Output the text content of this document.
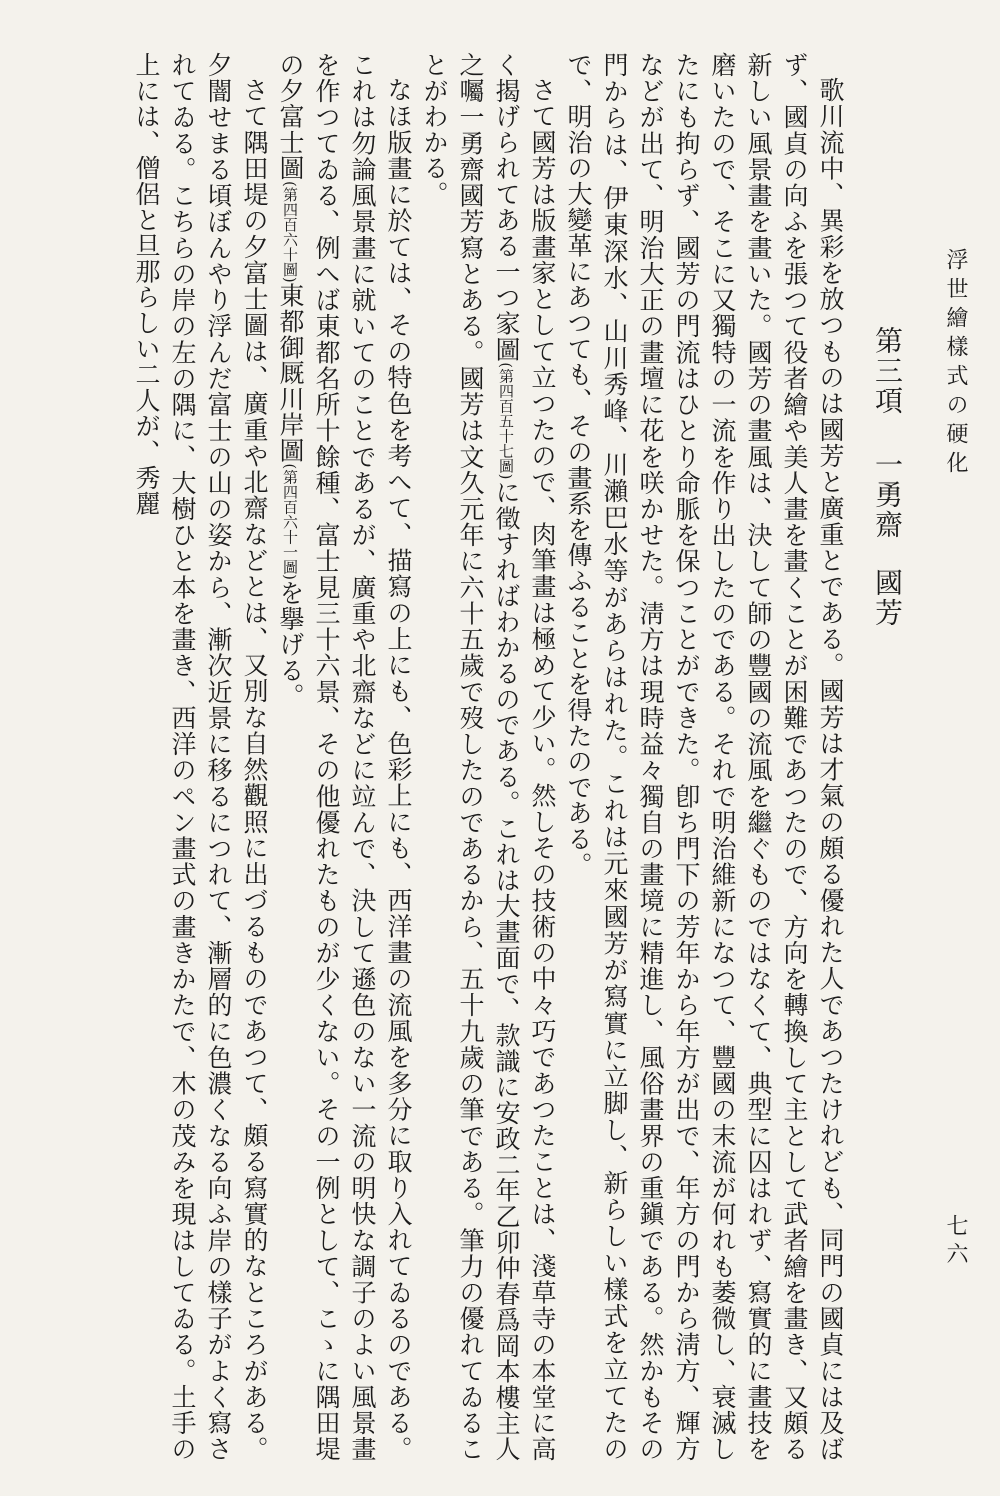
浮世繪樣式の硬化
七六
第三項一勇齋國芳

歌川流中、異彩を放つものは國芳と廣重とである。國芳は才氣の頗る優れた人であつたけれども、同門の國貞には及ばず、國貞の向ふを張つて役者繪や美人畫を畫くことが困難であつたので、方向を轉換して主として武者繪を畫き、又頗る新しい風景畫を畫いた。國芳の畫風は、決して師の豐國の流風を繼ぐものではなくて、典型に囚はれず、寫實的に畫技を磨いたので、そこに又獨特の一流を作り出したのである。それで明治維新になつて、豐國の末流が何れも萎微し、衰滅したにも拘らず、國芳の門流はひとり命脈を保つことができた。卽ち門下の芳年から年方が出で、年方の門から淸方、輝方などが出て、明治大正の畫壇に花を咲かせた。淸方は現時益々獨自の畫境に精進し、風俗畫界の重鎭である。然かもその門からは、伊東深水、山川秀峰、川瀨巴水等があらはれた。これは元來國芳が寫實に立脚し、新らしい樣式を立てたので、明治の大變革にあつても、その畫系を傳ふることを得たのである。

さて國芳は版畫家として立つたので、肉筆畫は極めて少い。然しその技術の中々巧であつたことは、淺草寺の本堂に高く揭げられてある一つ家圖(第四百五十七圖)に徵すればわかるのである。これは大畫面で、款識に安政二年乙卯仲春爲岡本樓主人之囑一勇齋國芳寫とある。國芳は文久元年に六十五歲で歿したのであるから、五十九歲の筆である。筆力の優れてゐることがわかる。

なほ版畫に於ては、その特色を考へて、描寫の上にも、色彩上にも、西洋畫の流風を多分に取り入れてゐるのである。これは勿論風景畫に就いてのことであるが、廣重や北齋などに竝んで、決して遜色のない一流の明快な調子のよい風景畫を作つてゐる、例へば東都名所十餘種、富士見三十六景、その他優れたものが少くない。その一例として、こゝに隅田堤の夕富士圖(第四百六十圖)東都御厩川岸圖(第四百六十一圖)を擧げる。

さて隅田堤の夕富士圖は、廣重や北齋などとは、又別な自然觀照に出づるものであつて、頗る寫實的なところがある。夕闇せまる頃ぼんやり浮んだ富士の山の姿から、漸次近景に移るにつれて、漸層的に色濃くなる向ふ岸の樣子がよく寫されてゐる。こちらの岸の左の隅に、大樹ひと本を畫き、西洋のペン畫式の畫きかたで、木の茂みを現はしてゐる。土手の上には、僧侶と旦那らしい二人が、秀麗
